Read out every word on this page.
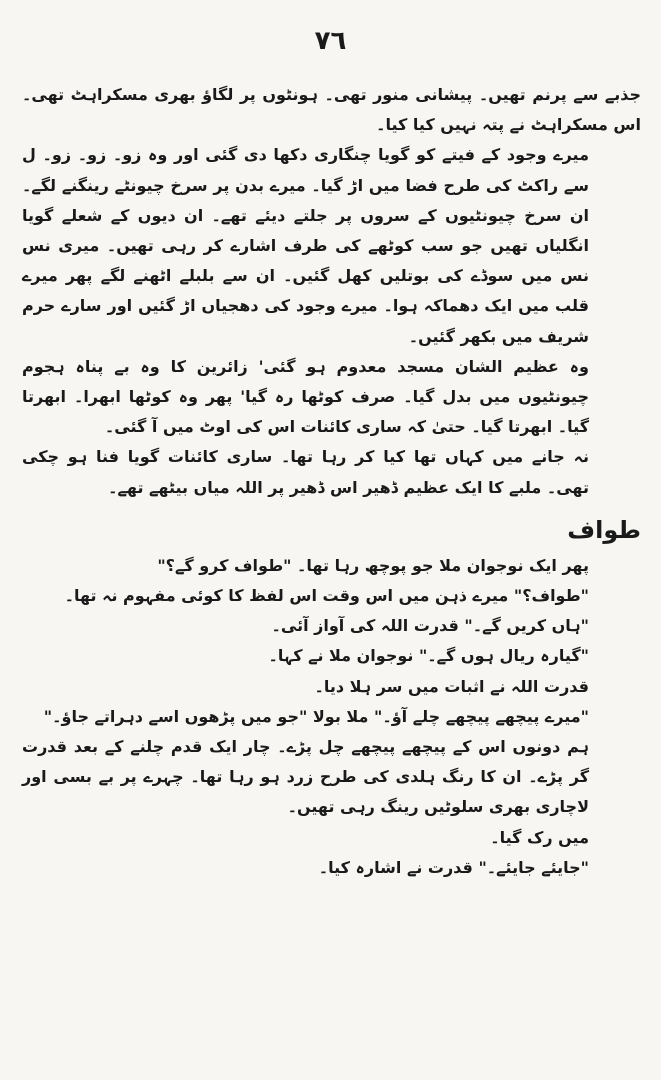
٧٦

جذبے سے پرنم تھیں۔ پیشانی منور تھی۔ ہونٹوں پر لگاؤ بھری مسکراہٹ تھی۔ اس مسکراہٹ نے پتہ نہیں کیا کیا۔

میرے وجود کے فیتے کو گویا چنگاری دکھا دی گئی اور وہ زو۔ زو۔ زو۔ ل سے راکٹ کی طرح فضا میں اڑ گیا۔ میرے بدن پر سرخ چیونٹے رینگنے لگے۔ ان سرخ چیونٹیوں کے سروں پر جلتے دیئے تھے۔ ان دیوں کے شعلے گویا انگلیاں تھیں جو سب کوٹھے کی طرف اشارے کر رہی تھیں۔ میری نس نس میں سوڈے کی بوتلیں کھل گئیں۔ ان سے بلبلے اٹھنے لگے پھر میرے قلب میں ایک دھماکہ ہوا۔ میرے وجود کی دھجیاں اڑ گئیں اور سارے حرم شریف میں بکھر گئیں۔

وہ عظیم الشان مسجد معدوم ہو گئی' زائرین کا وہ بے پناہ ہجوم چیونٹیوں میں بدل گیا۔ صرف کوٹھا رہ گیا' پھر وہ کوٹھا ابھرا۔ ابھرتا گیا۔ ابھرتا گیا۔ حتیٰ کہ ساری کائنات اس کی اوٹ میں آ گئی۔

نہ جانے میں کہاں تھا کیا کر رہا تھا۔ ساری کائنات گویا فنا ہو چکی تھی۔ ملبے کا ایک عظیم ڈھیر اس ڈھیر پر اللہ میاں بیٹھے تھے۔

طواف

پھر ایک نوجوان ملا جو پوچھ رہا تھا۔ "طواف کرو گے؟"

"طواف؟" میرے ذہن میں اس وقت اس لفظ کا کوئی مفہوم نہ تھا۔

"ہاں کریں گے۔" قدرت اللہ کی آواز آئی۔

"گیارہ ریال ہوں گے۔" نوجوان ملا نے کہا۔

قدرت اللہ نے اثبات میں سر ہلا دیا۔

"میرے پیچھے پیچھے چلے آؤ۔" ملا بولا "جو میں پڑھوں اسے دہراتے جاؤ۔"

ہم دونوں اس کے پیچھے پیچھے چل پڑے۔ چار ایک قدم چلنے کے بعد قدرت گر پڑے۔ ان کا رنگ ہلدی کی طرح زرد ہو رہا تھا۔ چہرے پر بے بسی اور لاچاری بھری سلوٹیں رینگ رہی تھیں۔

میں رک گیا۔

"جایئے جایئے۔" قدرت نے اشارہ کیا۔
